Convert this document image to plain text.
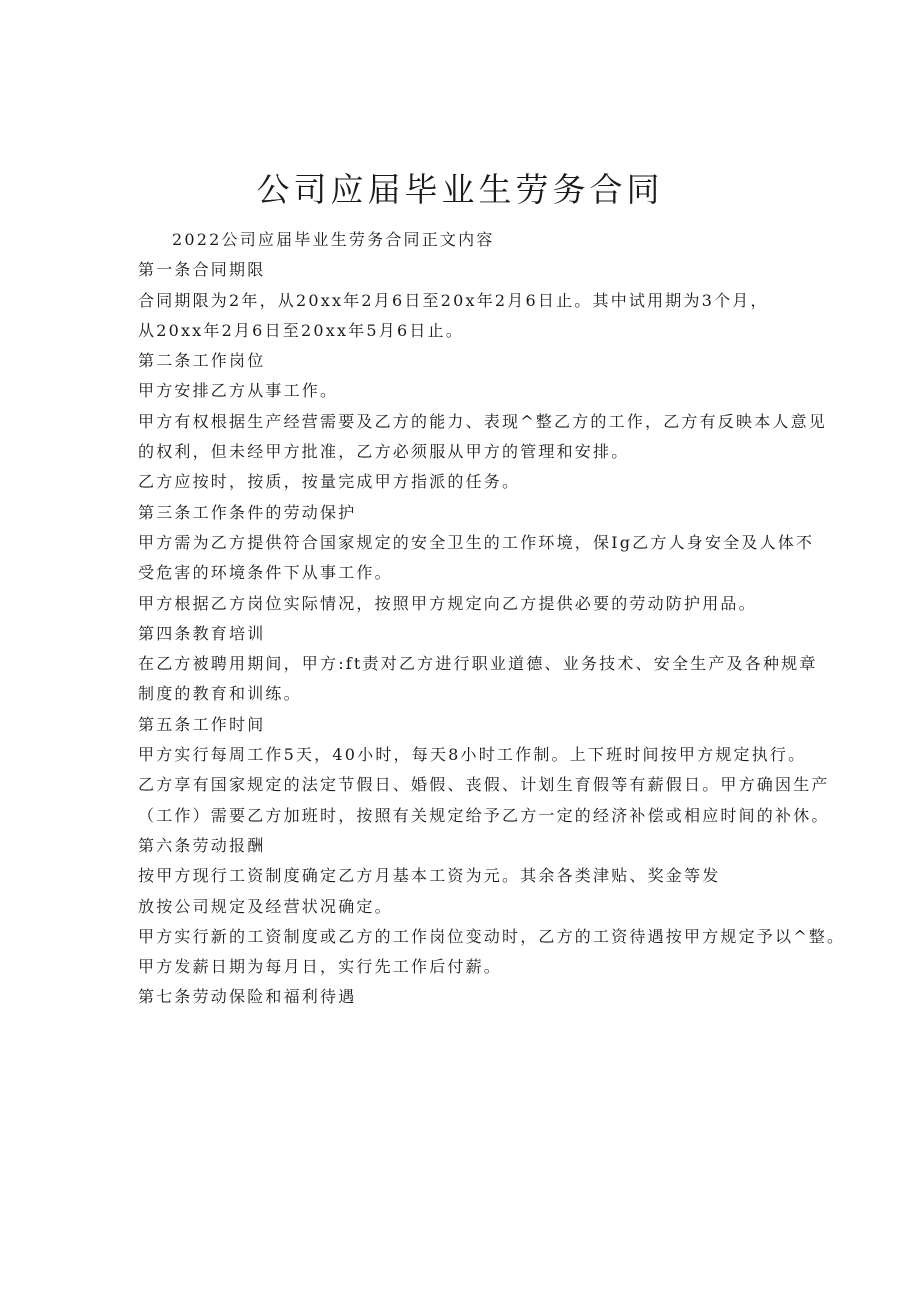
公司应届毕业生劳务合同

2022公司应届毕业生劳务合同正文内容

第一条合同期限

合同期限为2年，从20xx年2月6日至20x年2月6日止。其中试用期为3个月，

从20xx年2月6日至20xx年5月6日止。

第二条工作岗位

甲方安排乙方从事工作。

甲方有权根据生产经营需要及乙方的能力、表现^整乙方的工作，乙方有反映本人意见

的权利，但未经甲方批准，乙方必须服从甲方的管理和安排。

乙方应按时，按质，按量完成甲方指派的任务。

第三条工作条件的劳动保护

甲方需为乙方提供符合国家规定的安全卫生的工作环境，保Ig乙方人身安全及人体不

受危害的环境条件下从事工作。

甲方根据乙方岗位实际情况，按照甲方规定向乙方提供必要的劳动防护用品。

第四条教育培训

在乙方被聘用期间，甲方:ft责对乙方进行职业道德、业务技术、安全生产及各种规章

制度的教育和训练。

第五条工作时间

甲方实行每周工作5天，40小时，每天8小时工作制。上下班时间按甲方规定执行。

乙方享有国家规定的法定节假日、婚假、丧假、计划生育假等有薪假日。甲方确因生产

（工作）需要乙方加班时，按照有关规定给予乙方一定的经济补偿或相应时间的补休。

第六条劳动报酬

按甲方现行工资制度确定乙方月基本工资为元。其余各类津贴、奖金等发

放按公司规定及经营状况确定。

甲方实行新的工资制度或乙方的工作岗位变动时，乙方的工资待遇按甲方规定予以^整。

甲方发薪日期为每月日，实行先工作后付薪。

第七条劳动保险和福利待遇
